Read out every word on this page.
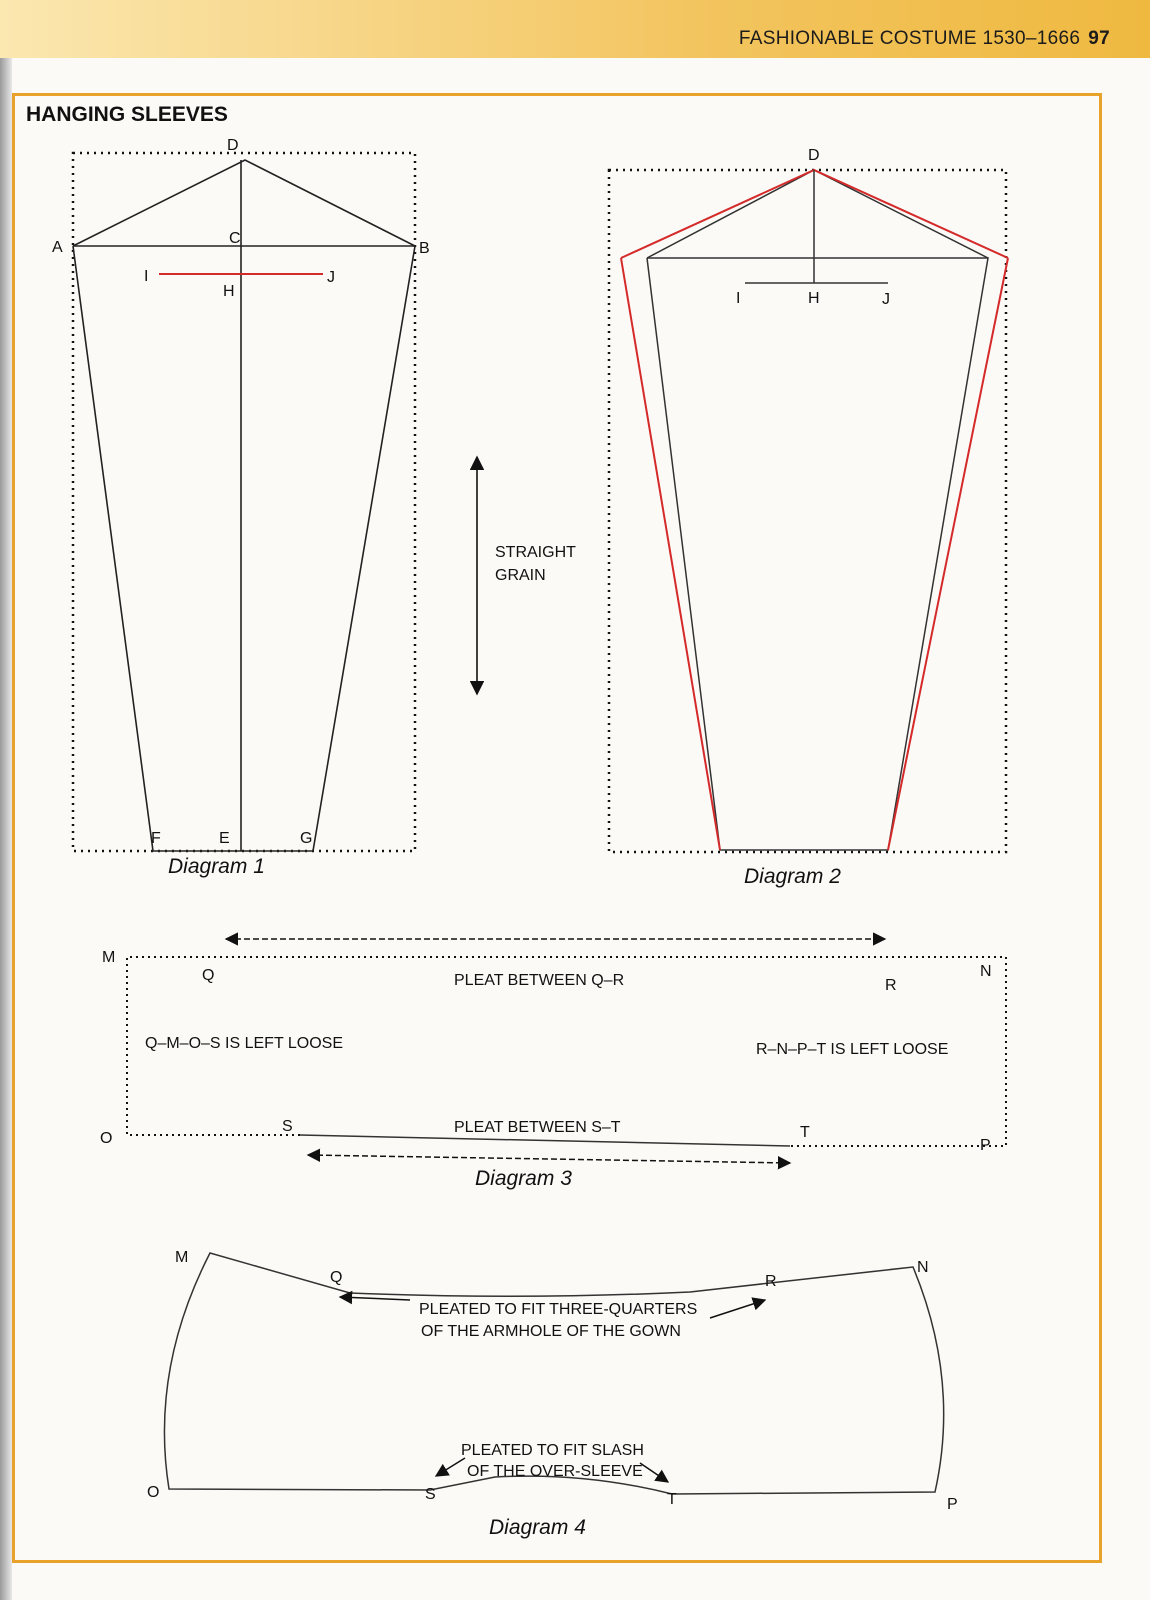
FASHIONABLE COSTUME 1530–1666 97
HANGING SLEEVES
D
A
C
B
I	J
H
F	E	G
Diagram 1
STRAIGHT
GRAIN
D
I	H	J
Diagram 2
M
Q
R
N
O
S	T
P
PLEAT BETWEEN Q–R
Q–M–O–S IS LEFT LOOSE	R–N–P–T IS LEFT LOOSE
PLEAT BETWEEN S–T
Diagram 3
M
Q	R
N
O	S	T	P
PLEATED TO FIT THREE-QUARTERS
OF THE ARMHOLE OF THE GOWN
PLEATED TO FIT SLASH
OF THE OVER-SLEEVE
Diagram 4
